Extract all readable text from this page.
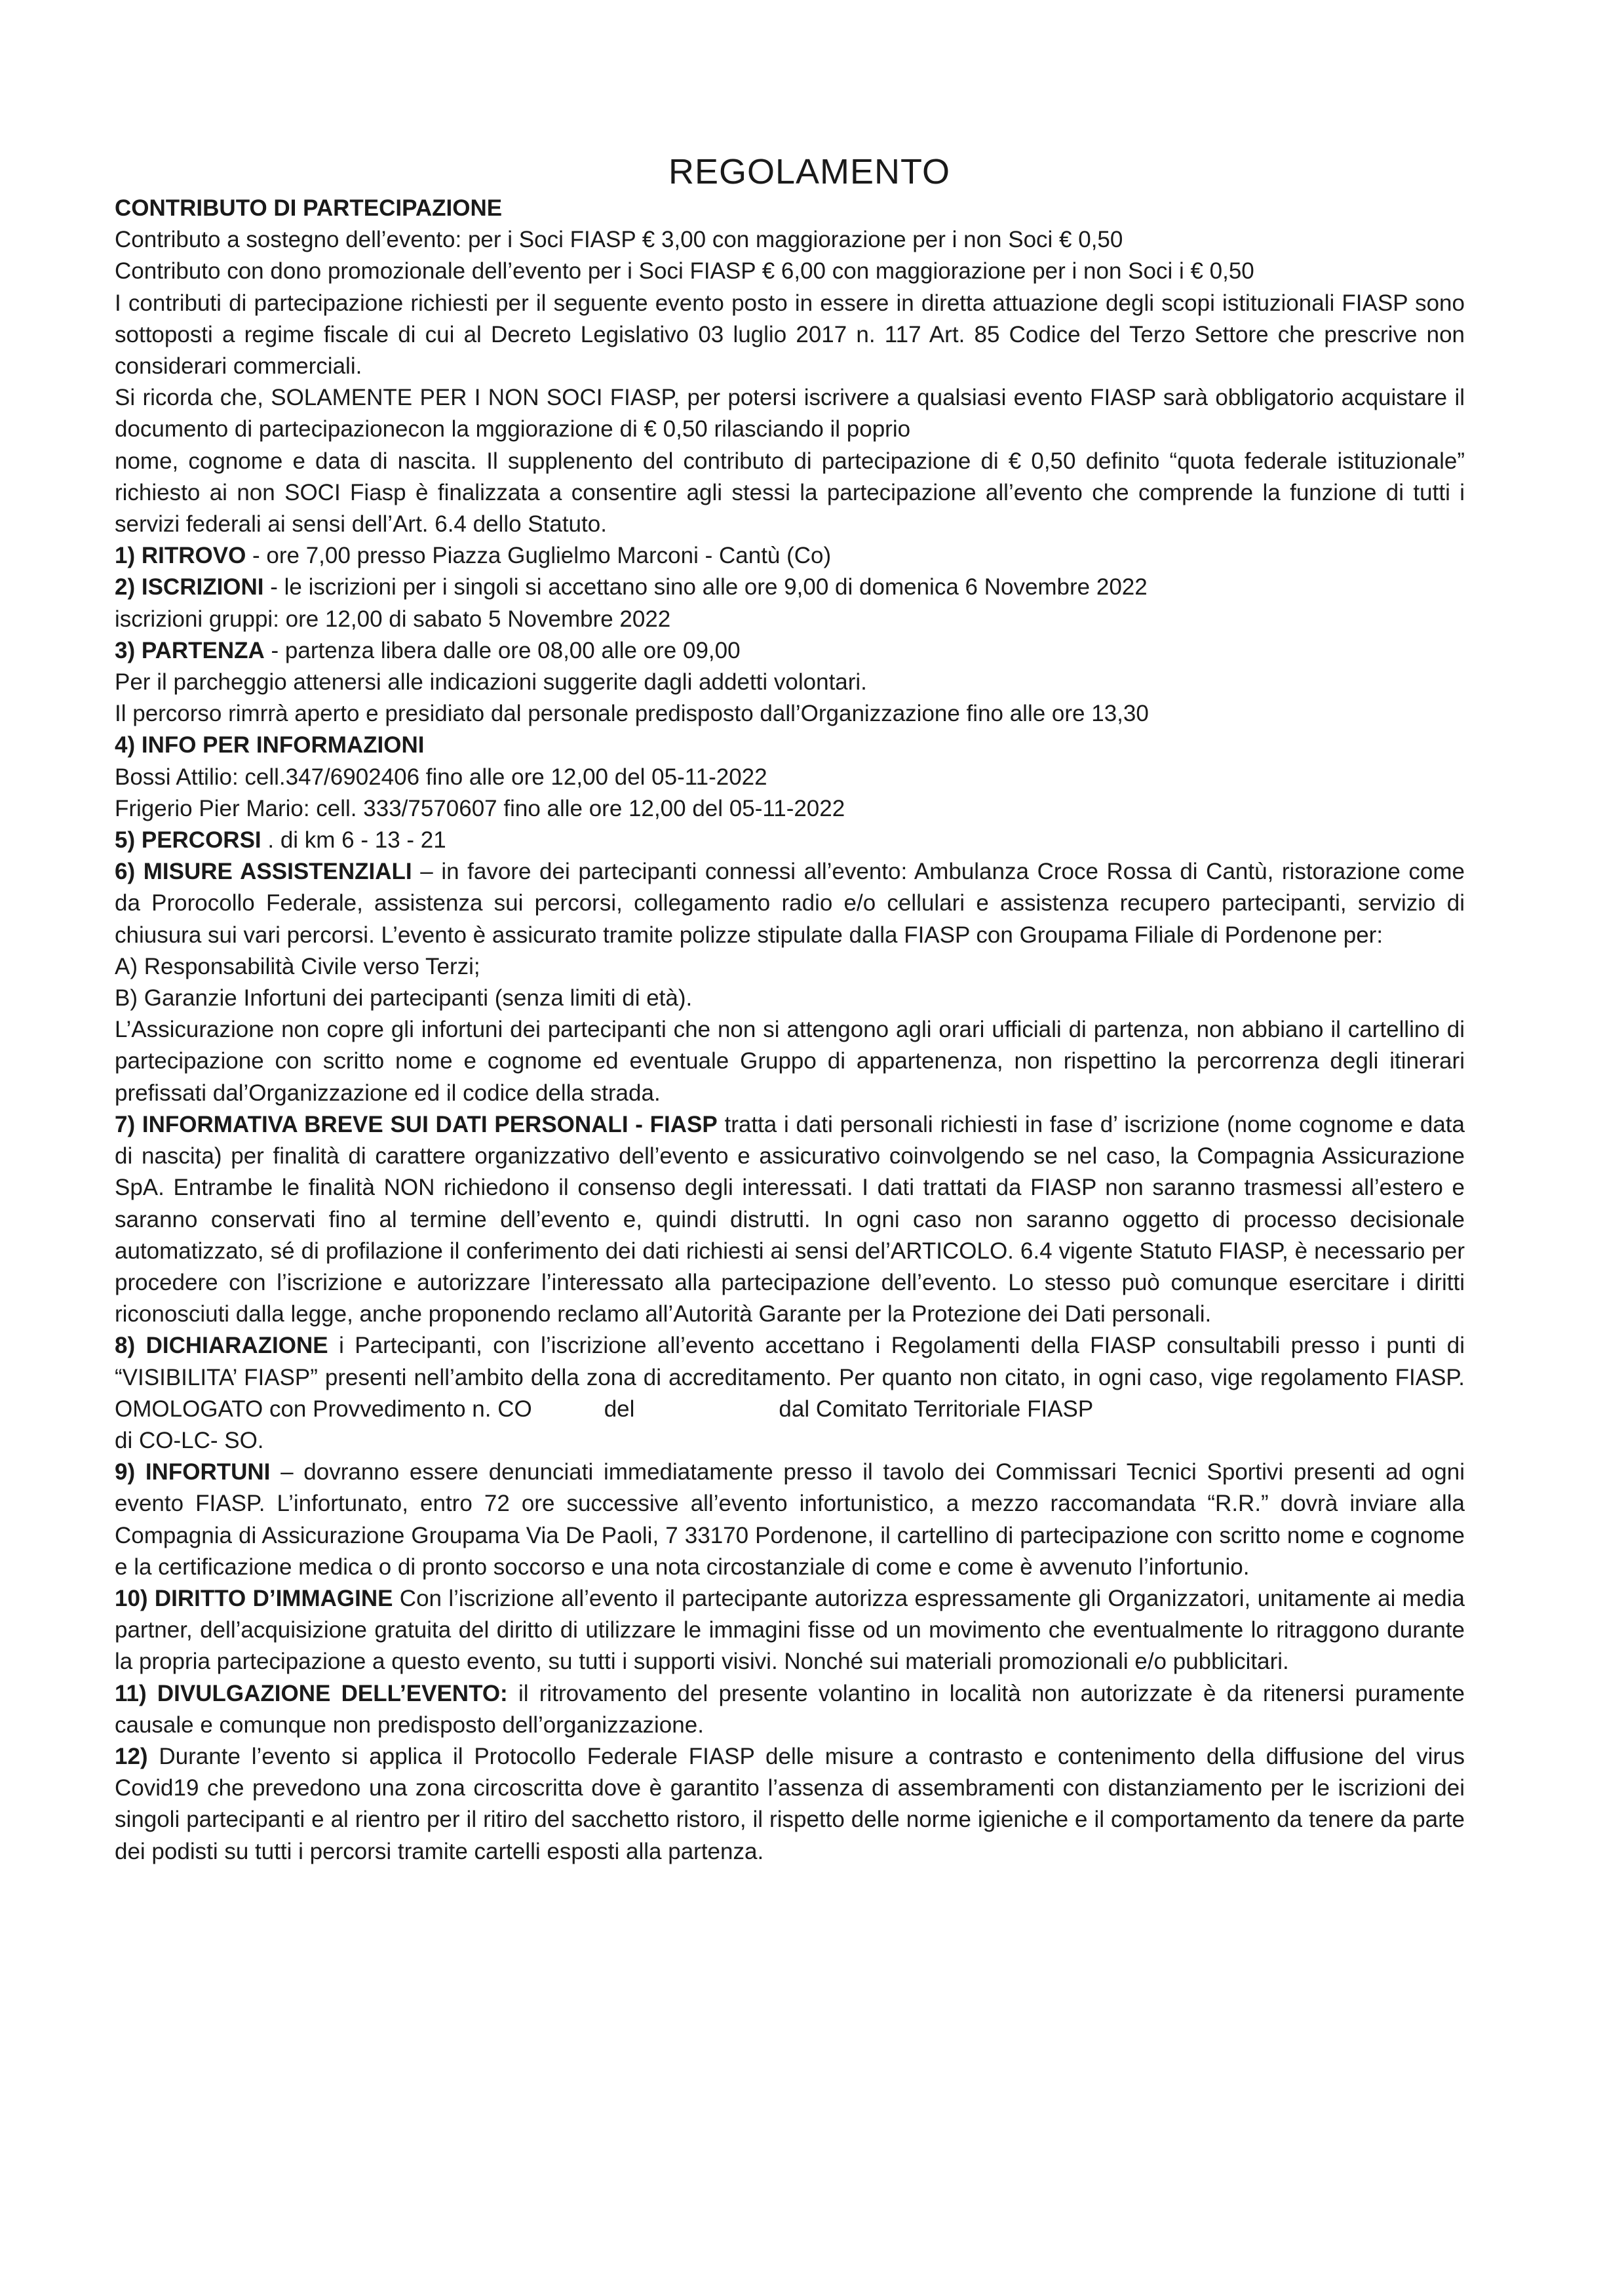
REGOLAMENTO

CONTRIBUTO DI PARTECIPAZIONE

Contributo a sostegno dell’evento: per i Soci FIASP € 3,00 con maggiorazione per i non Soci € 0,50

Contributo con dono promozionale dell’evento per i Soci FIASP € 6,00 con maggiorazione per i non Soci i € 0,50

I contributi di partecipazione richiesti per il seguente evento posto in essere in diretta attuazione degli scopi istituzionali FIASP sono sottoposti a regime fiscale di cui al Decreto Legislativo 03 luglio 2017 n. 117 Art. 85 Codice del Terzo Settore che prescrive non considerari commerciali.

Si ricorda che, SOLAMENTE PER I NON SOCI FIASP, per potersi iscrivere a qualsiasi evento FIASP sarà obbligatorio acquistare il documento di partecipazionecon la mggiorazione di € 0,50 rilasciando il poprio

nome, cognome e data di nascita. Il supplenento del contributo di partecipazione di € 0,50 definito “quota federale istituzionale” richiesto ai non SOCI Fiasp è finalizzata a consentire agli stessi la partecipazione all’evento che comprende la funzione di tutti i servizi federali ai sensi dell’Art. 6.4 dello Statuto.

1) RITROVO - ore 7,00 presso Piazza Guglielmo Marconi - Cantù (Co)

2) ISCRIZIONI - le iscrizioni per i singoli si accettano sino alle ore 9,00 di domenica 6 Novembre 2022

iscrizioni gruppi: ore 12,00 di sabato 5 Novembre 2022

3) PARTENZA - partenza libera dalle ore 08,00 alle ore 09,00

Per il parcheggio attenersi alle indicazioni suggerite dagli addetti volontari.

Il percorso rimrrà aperto e presidiato dal personale predisposto dall’Organizzazione fino alle ore 13,30

4) INFO PER INFORMAZIONI

Bossi Attilio: cell.347/6902406 fino alle ore 12,00 del 05-11-2022

Frigerio Pier Mario: cell. 333/7570607 fino alle ore 12,00 del 05-11-2022

5) PERCORSI . di km 6 - 13 - 21

6) MISURE ASSISTENZIALI – in favore dei partecipanti connessi all’evento: Ambulanza Croce Rossa di Cantù, ristorazione come da Prorocollo Federale, assistenza sui percorsi, collegamento radio e/o cellulari e assistenza recupero partecipanti, servizio di chiusura sui vari percorsi. L’evento è assicurato tramite polizze stipulate dalla FIASP con Groupama Filiale di Pordenone per:

A) Responsabilità Civile verso Terzi;

B) Garanzie Infortuni dei partecipanti (senza limiti di età).

L’Assicurazione non copre gli infortuni dei partecipanti che non si attengono agli orari ufficiali di partenza, non abbiano il cartellino di partecipazione con scritto nome e cognome ed eventuale Gruppo di appartenenza, non rispettino la percorrenza degli itinerari prefissati dal’Organizzazione ed il codice della strada.

7) INFORMATIVA BREVE SUI DATI PERSONALI - FIASP tratta i dati personali richiesti in fase d’ iscrizione (nome cognome e data di nascita) per finalità di carattere organizzativo dell’evento e assicurativo coinvolgendo se nel caso, la Compagnia Assicurazione SpA. Entrambe le finalità NON richiedono il consenso degli interessati. I dati trattati da FIASP non saranno trasmessi all’estero e saranno conservati fino al termine dell’evento e, quindi distrutti. In ogni caso non saranno oggetto di processo decisionale automatizzato, sé di profilazione il conferimento dei dati richiesti ai sensi del’ARTICOLO. 6.4 vigente Statuto FIASP, è necessario per procedere con l’iscrizione e autorizzare l’interessato alla partecipazione dell’evento. Lo stesso può comunque esercitare i diritti riconosciuti dalla legge, anche proponendo reclamo all’Autorità Garante per la Protezione dei Dati personali.

8) DICHIARAZIONE i Partecipanti, con l’iscrizione all’evento accettano i Regolamenti della FIASP consultabili presso i punti di “VISIBILITA’ FIASP” presenti nell’ambito della zona di accreditamento. Per quanto non citato, in ogni caso, vige regolamento FIASP. OMOLOGATO con Provvedimento n. CO	del	dal Comitato Territoriale FIASP

di CO-LC- SO.

9) INFORTUNI – dovranno essere denunciati immediatamente presso il tavolo dei Commissari Tecnici Sportivi presenti ad ogni evento FIASP. L’infortunato, entro 72 ore successive all’evento infortunistico, a mezzo raccomandata “R.R.” dovrà inviare alla Compagnia di Assicurazione Groupama Via De Paoli, 7 33170 Pordenone, il cartellino di partecipazione con scritto nome e cognome e la certificazione medica o di pronto soccorso e una nota circostanziale di come e come è avvenuto l’infortunio.

10) DIRITTO D’IMMAGINE Con l’iscrizione all’evento il partecipante autorizza espressamente gli Organizzatori, unitamente ai media partner, dell’acquisizione gratuita del diritto di utilizzare le immagini fisse od un movimento che eventualmente lo ritraggono durante la propria partecipazione a questo evento, su tutti i supporti visivi. Nonché sui materiali promozionali e/o pubblicitari.

11) DIVULGAZIONE DELL’EVENTO: il ritrovamento del presente volantino in località non autorizzate è da ritenersi puramente causale e comunque non predisposto dell’organizzazione.

12) Durante l’evento si applica il Protocollo Federale FIASP delle misure a contrasto e contenimento della diffusione del virus Covid19 che prevedono una zona circoscritta dove è garantito l’assenza di assembramenti con distanziamento per le iscrizioni dei singoli partecipanti e al rientro per il ritiro del sacchetto ristoro, il rispetto delle norme igieniche e il comportamento da tenere da parte dei podisti su tutti i percorsi tramite cartelli esposti alla partenza.
